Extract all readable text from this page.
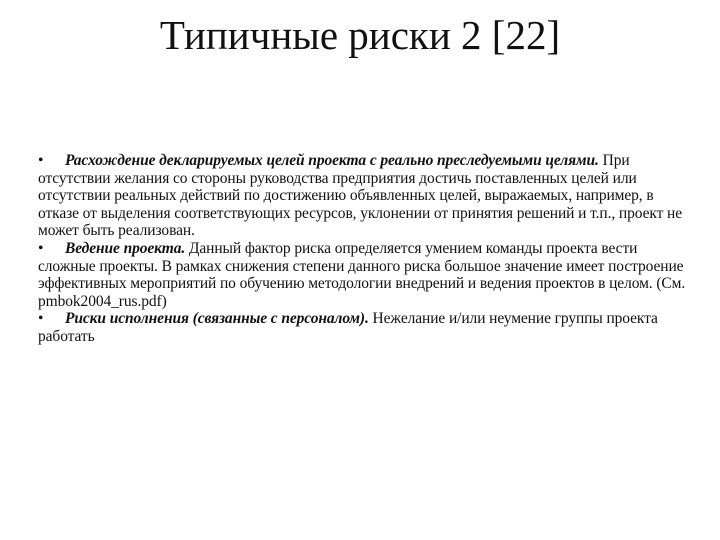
Типичные риски 2 [22]

• Расхождение декларируемых целей проекта с реально преследуемыми целями. При отсутствии желания со стороны руководства предприятия достичь поставленных целей или отсутствии реальных действий по достижению объявленных целей, выражаемых, например, в отказе от выделения соответствующих ресурсов, уклонении от принятия решений и т.п., проект не может быть реализован.

• Ведение проекта. Данный фактор риска определяется умением команды проекта вести сложные проекты. В рамках снижения степени данного риска большое значение имеет построение эффективных мероприятий по обучению методологии внедрений и ведения проектов в целом. (См. pmbok2004_rus.pdf)

• Риски исполнения (связанные с персоналом). Нежелание и/или неумение группы проекта работать
